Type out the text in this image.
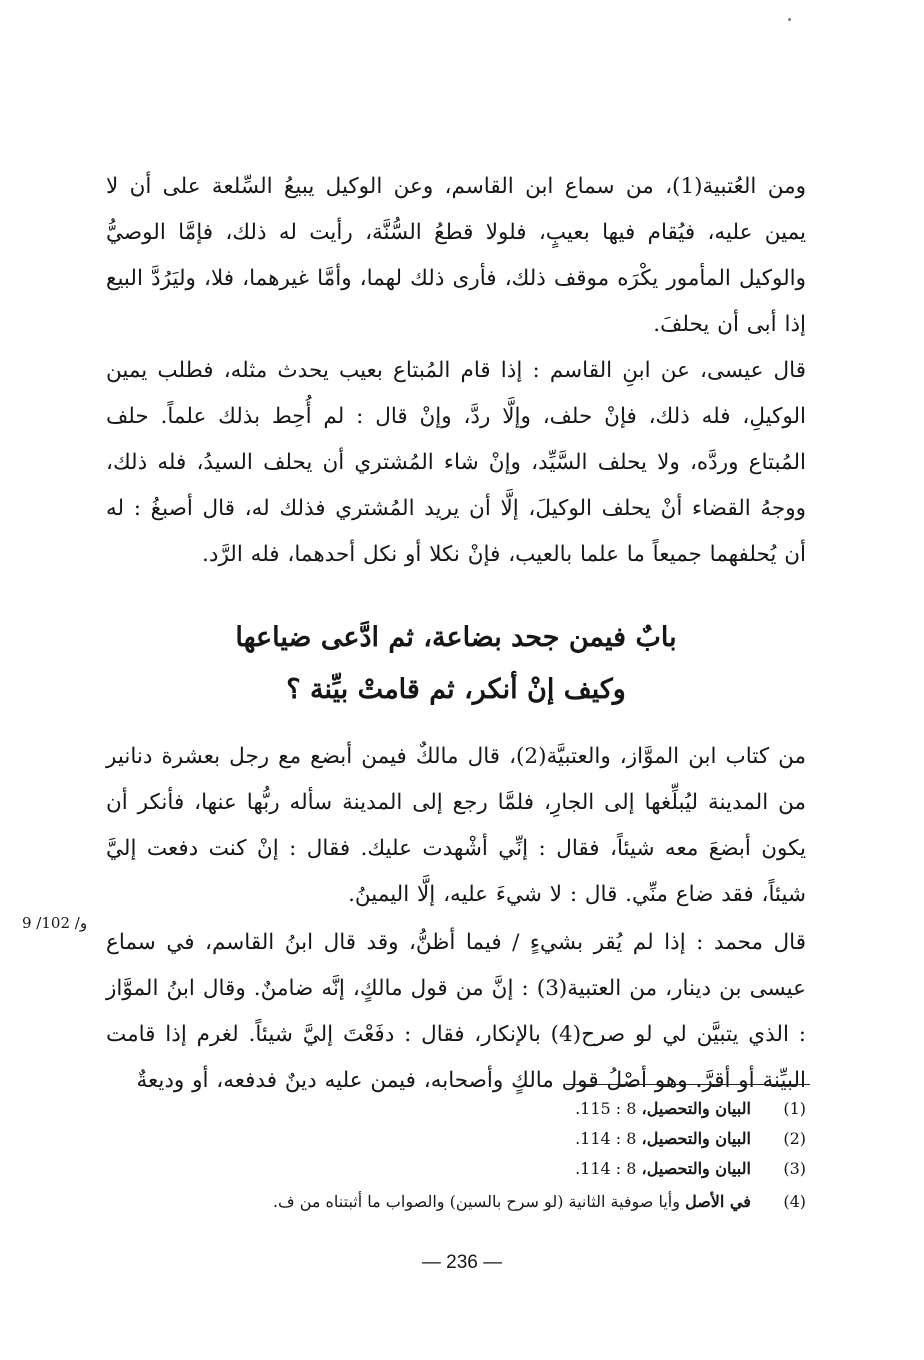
ومن العُتبية(1)، من سماع ابن القاسم، وعن الوكيل يبيعُ السِّلعة على أن لا يمين عليه، فيُقام فيها بعيبٍ، فلولا قطعُ السُّنَّة، رأيت له ذلك، فإمَّا الوصيُّ والوكيل المأمور يكْرَه موقف ذلك، فأرى ذلك لهما، وأمَّا غيرهما، فلا، وليَرُدَّ البيع إذا أبى أن يحلفَ.

قال عيسى، عن ابنِ القاسم : إذا قام المُبتاع بعيب يحدث مثله، فطلب يمين الوكيلِ، فله ذلك، فإنْ حلف، وإلَّا ردَّ، وإنْ قال : لم أُحِط بذلك علماً. حلف المُبتاع وردَّه، ولا يحلف السَّيِّد، وإنْ شاء المُشتري أن يحلف السيدُ، فله ذلك، ووجهُ القضاء أنْ يحلف الوكيلَ، إلَّا أن يريد المُشتري فذلك له، قال أصبغُ : له أن يُحلفهما جميعاً ما علما بالعيب، فإنْ نكلا أو نكل أحدهما، فله الرَّد.

بابٌ فيمن جحد بضاعة، ثم ادَّعى ضياعها
وكيف إنْ أنكر، ثم قامتْ بيِّنة ؟

من كتاب ابن الموَّاز، والعتبيَّة(2)، قال مالكٌ فيمن أبضع مع رجل بعشرة دنانير من المدينة ليُبلِّغها إلى الجارِ، فلمَّا رجع إلى المدينة سأله ربُّها عنها، فأنكر أن يكون أبضعَ معه شيئاً، فقال : إنِّي أشْهدت عليك. فقال : إنْ كنت دفعت إليَّ شيئاً، فقد ضاع منِّي. قال : لا شيءَ عليه، إلَّا اليمينُ.

9 /102 /و

قال محمد : إذا لم يُقر بشيءٍ / فيما أظنُّ، وقد قال ابنُ القاسم، في سماع عيسى بن دينار، من العتبية(3) : إنَّ من قول مالكٍ، إنَّه ضامنٌ. وقال ابنُ الموَّاز : الذي يتبيَّن لي لو صرح(4) بالإنكار، فقال : دفَعْتَ إليَّ شيئاً. لغرم إذا قامت البيِّنة أو أقرَّ. وهو أصْلُ قول مالكٍ وأصحابه، فيمن عليه دينٌ فدفعه، أو وديعةٌ

(1) البيان والتحصيل، 8 : 115.
(2) البيان والتحصيل، 8 : 114.
(3) البيان والتحصيل، 8 : 114.
(4) في الأصل وأيا صوفية الثانية (لو سرح بالسين) والصواب ما أثبتناه من ف.
— 236 —
